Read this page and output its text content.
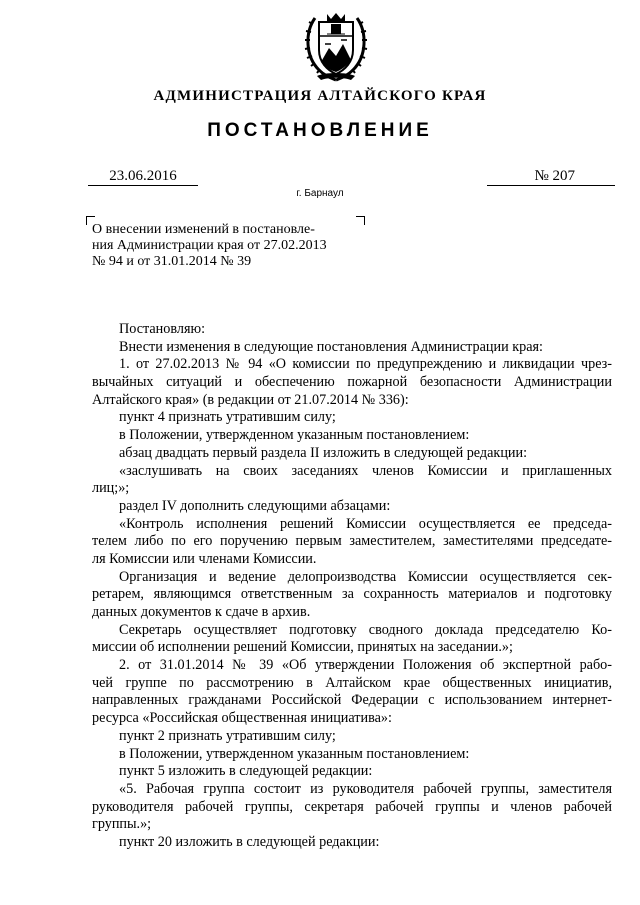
АДМИНИСТРАЦИЯ АЛТАЙСКОГО КРАЯ
ПОСТАНОВЛЕНИЕ
23.06.2016	№ 207
г. Барнаул
О внесении изменений в постановле-
ния Администрации края от 27.02.2013
№ 94 и от 31.01.2014 № 39
Постановляю:
Внести изменения в следующие постановления Администрации края:
1. от 27.02.2013 № 94 «О комиссии по предупреждению и ликвидации чрез-
вычайных ситуаций и обеспечению пожарной безопасности Администрации
Алтайского края» (в редакции от 21.07.2014 № 336):
пункт 4 признать утратившим силу;
в Положении, утвержденном указанным постановлением:
абзац двадцать первый раздела II изложить в следующей редакции:
«заслушивать на своих заседаниях членов Комиссии и приглашенных
лиц;»;
раздел IV дополнить следующими абзацами:
«Контроль исполнения решений Комиссии осуществляется ее председа-
телем либо по его поручению первым заместителем, заместителями председате-
ля Комиссии или членами Комиссии.
Организация и ведение делопроизводства Комиссии осуществляется сек-
ретарем, являющимся ответственным за сохранность материалов и подготовку
данных документов к сдаче в архив.
Секретарь осуществляет подготовку сводного доклада председателю Ко-
миссии об исполнении решений Комиссии, принятых на заседании.»;
2. от 31.01.2014 № 39 «Об утверждении Положения об экспертной рабо-
чей группе по рассмотрению в Алтайском крае общественных инициатив,
направленных гражданами Российской Федерации с использованием интернет-
ресурса «Российская общественная инициатива»:
пункт 2 признать утратившим силу;
в Положении, утвержденном указанным постановлением:
пункт 5 изложить в следующей редакции:
«5. Рабочая группа состоит из руководителя рабочей группы, заместителя
руководителя рабочей группы, секретаря рабочей группы и членов рабочей
группы.»;
пункт 20 изложить в следующей редакции:
